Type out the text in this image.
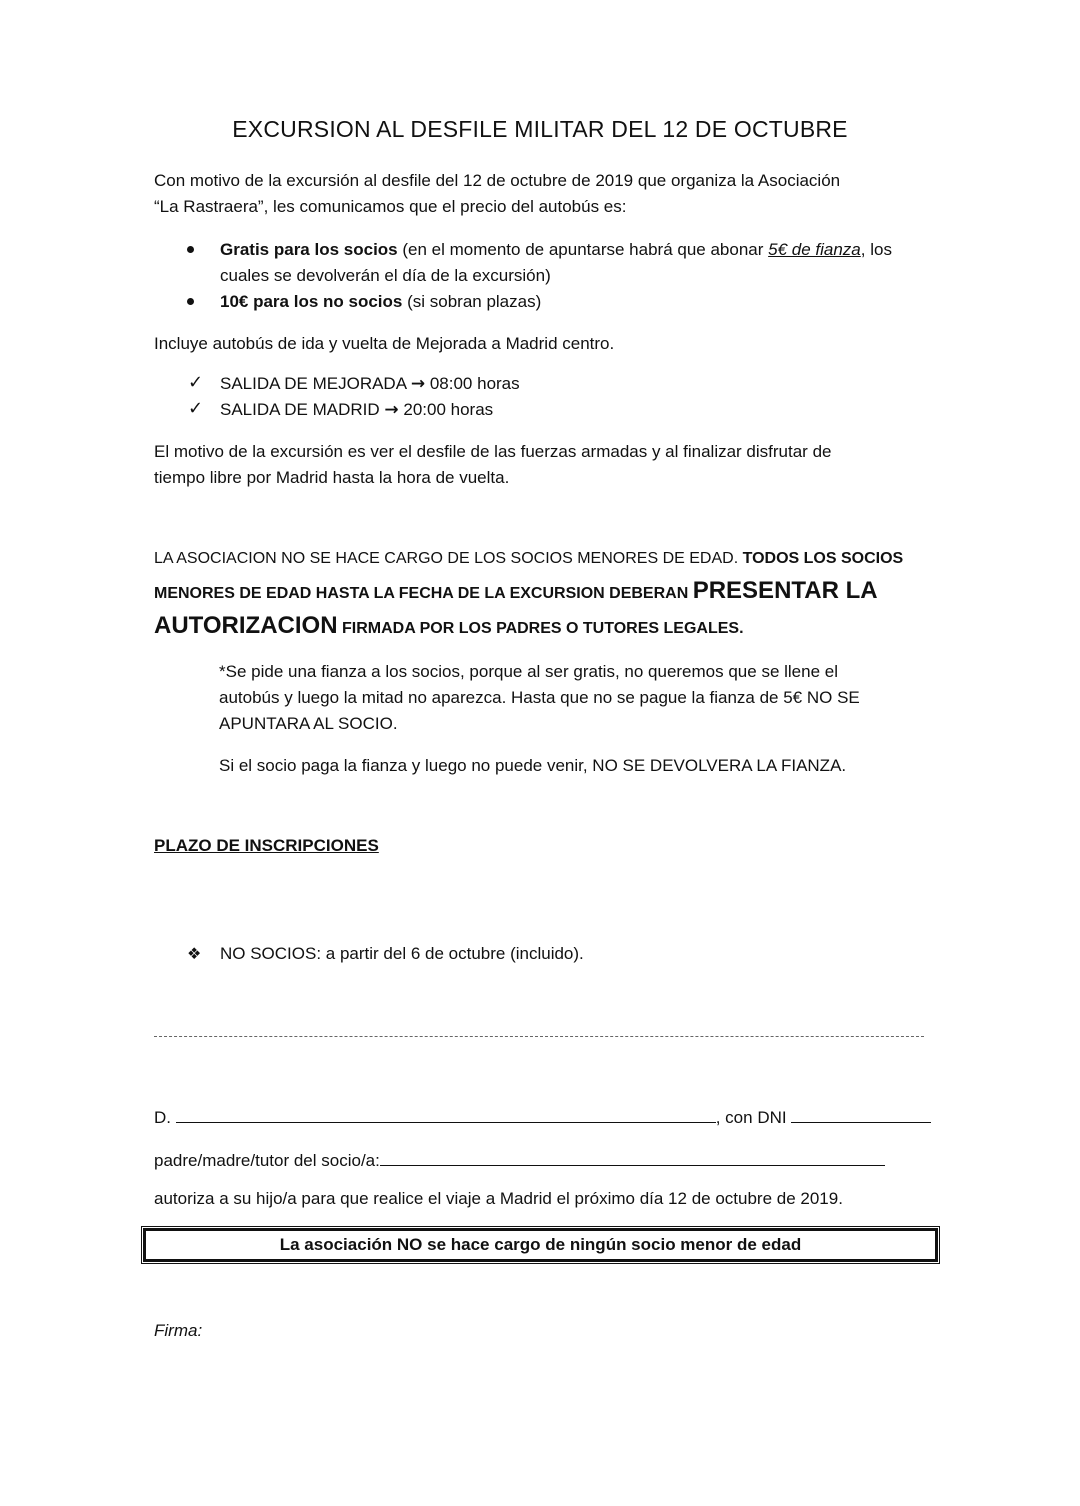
EXCURSION AL DESFILE MILITAR DEL 12 DE OCTUBRE
Con motivo de la excursión al desfile del 12 de octubre de 2019 que organiza la Asociación
“La Rastraera”, les comunicamos que el precio del autobús es:
Gratis para los socios (en el momento de apuntarse habrá que abonar 5€ de fianza, los
cuales se devolverán el día de la excursión)
10€ para los no socios (si sobran plazas)
Incluye autobús de ida y vuelta de Mejorada a Madrid centro.
✓ SALIDA DE MEJORADA → 08:00 horas
✓ SALIDA DE MADRID → 20:00 horas
El motivo de la excursión es ver el desfile de las fuerzas armadas y al finalizar disfrutar de
tiempo libre por Madrid hasta la hora de vuelta.
LA ASOCIACION NO SE HACE CARGO DE LOS SOCIOS MENORES DE EDAD. TODOS LOS SOCIOS
MENORES DE EDAD HASTA LA FECHA DE LA EXCURSION DEBERAN PRESENTAR LA
AUTORIZACION FIRMADA POR LOS PADRES O TUTORES LEGALES.
*Se pide una fianza a los socios, porque al ser gratis, no queremos que se llene el
autobús y luego la mitad no aparezca. Hasta que no se pague la fianza de 5€ NO SE
APUNTARA AL SOCIO.
Si el socio paga la fianza y luego no puede venir, NO SE DEVOLVERA LA FIANZA.
PLAZO DE INSCRIPCIONES
❖ NO SOCIOS: a partir del 6 de octubre (incluido).
D.	, con DNI
padre/madre/tutor del socio/a:
autoriza a su hijo/a para que realice el viaje a Madrid el próximo día 12 de octubre de 2019.
La asociación NO se hace cargo de ningún socio menor de edad
Firma:
